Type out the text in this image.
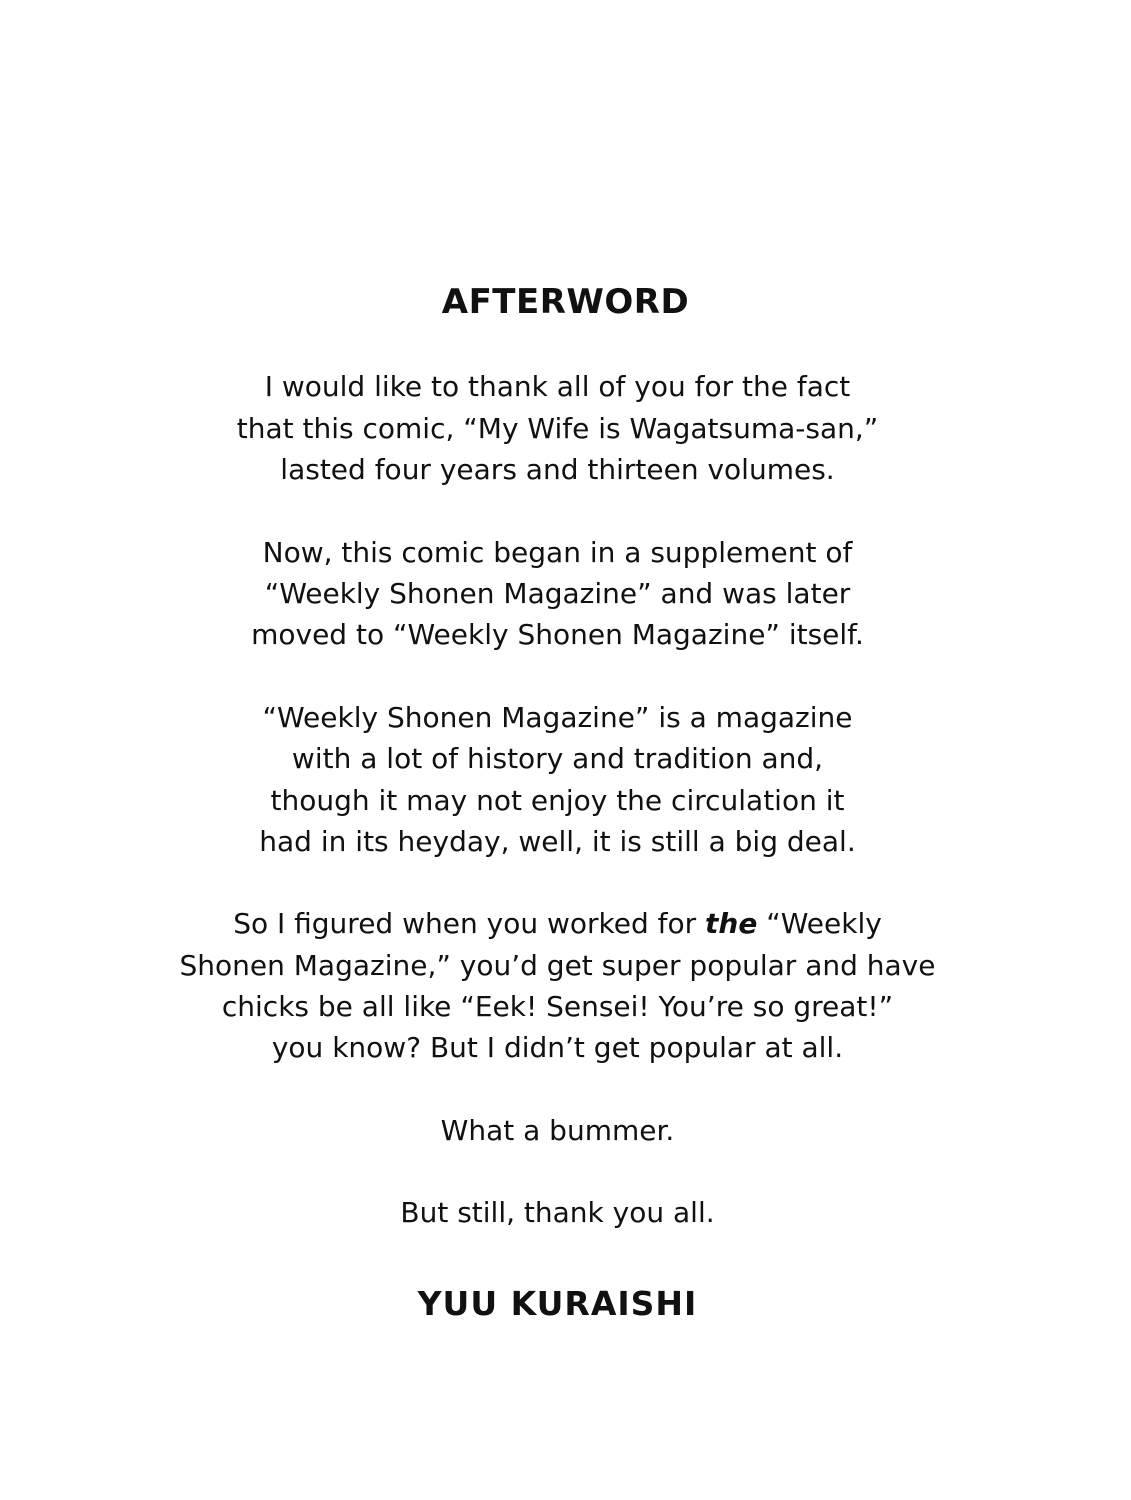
AFTERWORD
I would like to thank all of you for the fact
that this comic, “My Wife is Wagatsuma-san,”
lasted four years and thirteen volumes.
Now, this comic began in a supplement of
“Weekly Shonen Magazine” and was later
moved to “Weekly Shonen Magazine” itself.
“Weekly Shonen Magazine” is a magazine
with a lot of history and tradition and,
though it may not enjoy the circulation it
had in its heyday, well, it is still a big deal.
So I figured when you worked for the “Weekly
Shonen Magazine,” you’d get super popular and have
chicks be all like “Eek! Sensei! You’re so great!”
you know? But I didn’t get popular at all.
What a bummer.
But still, thank you all.
YUU KURAISHI
